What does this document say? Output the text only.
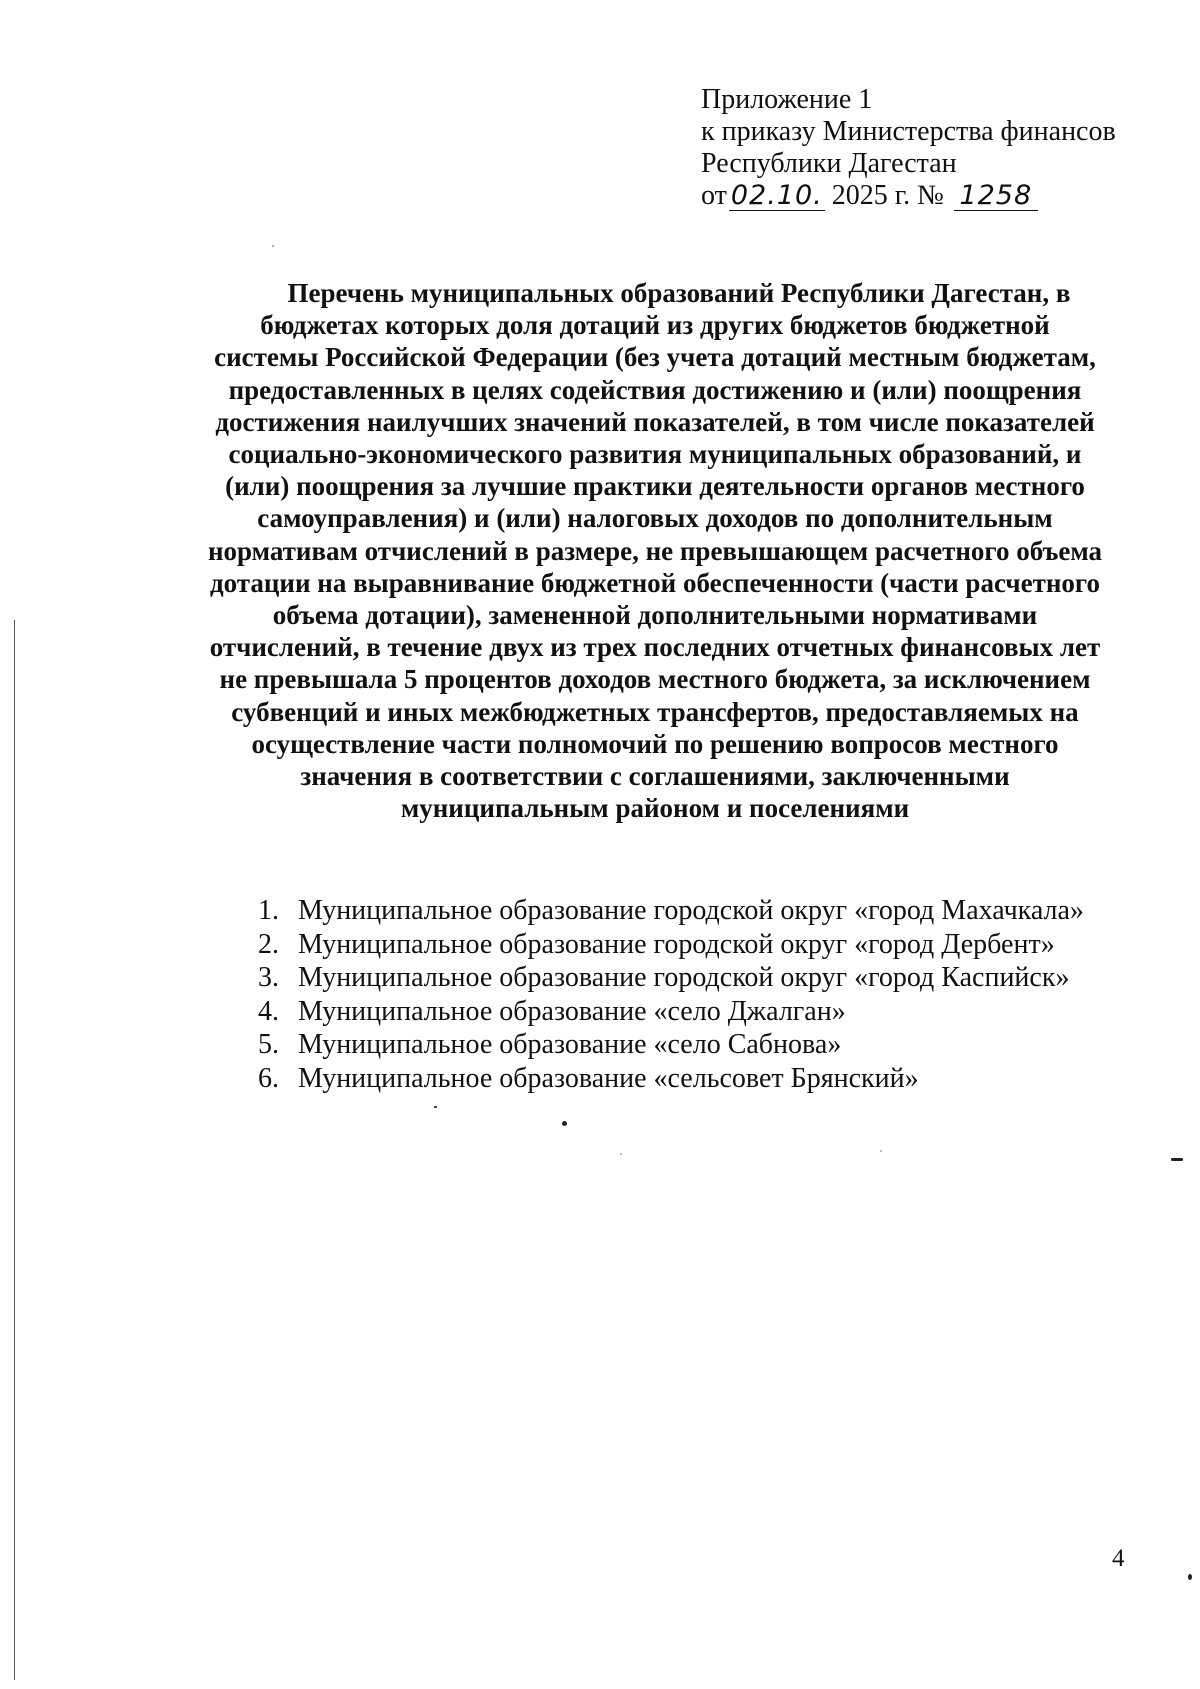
Приложение 1
к приказу Министерства финансов
Республики Дагестан
от 02.10. 2025 г. № 1258
Перечень муниципальных образований Республики Дагестан, в
бюджетах которых доля дотаций из других бюджетов бюджетной
системы Российской Федерации (без учета дотаций местным бюджетам,
предоставленных в целях содействия достижению и (или) поощрения
достижения наилучших значений показателей, в том числе показателей
социально-экономического развития муниципальных образований, и
(или) поощрения за лучшие практики деятельности органов местного
самоуправления) и (или) налоговых доходов по дополнительным
нормативам отчислений в размере, не превышающем расчетного объема
дотации на выравнивание бюджетной обеспеченности (части расчетного
объема дотации), замененной дополнительными нормативами
отчислений, в течение двух из трех последних отчетных финансовых лет
не превышала 5 процентов доходов местного бюджета, за исключением
субвенций и иных межбюджетных трансфертов, предоставляемых на
осуществление части полномочий по решению вопросов местного
значения в соответствии с соглашениями, заключенными
муниципальным районом и поселениями
1. Муниципальное образование городской округ «город Махачкала»
2. Муниципальное образование городской округ «город Дербент»
3. Муниципальное образование городской округ «город Каспийск»
4. Муниципальное образование «село Джалган»
5. Муниципальное образование «село Сабнова»
6. Муниципальное образование «сельсовет Брянский»
4
